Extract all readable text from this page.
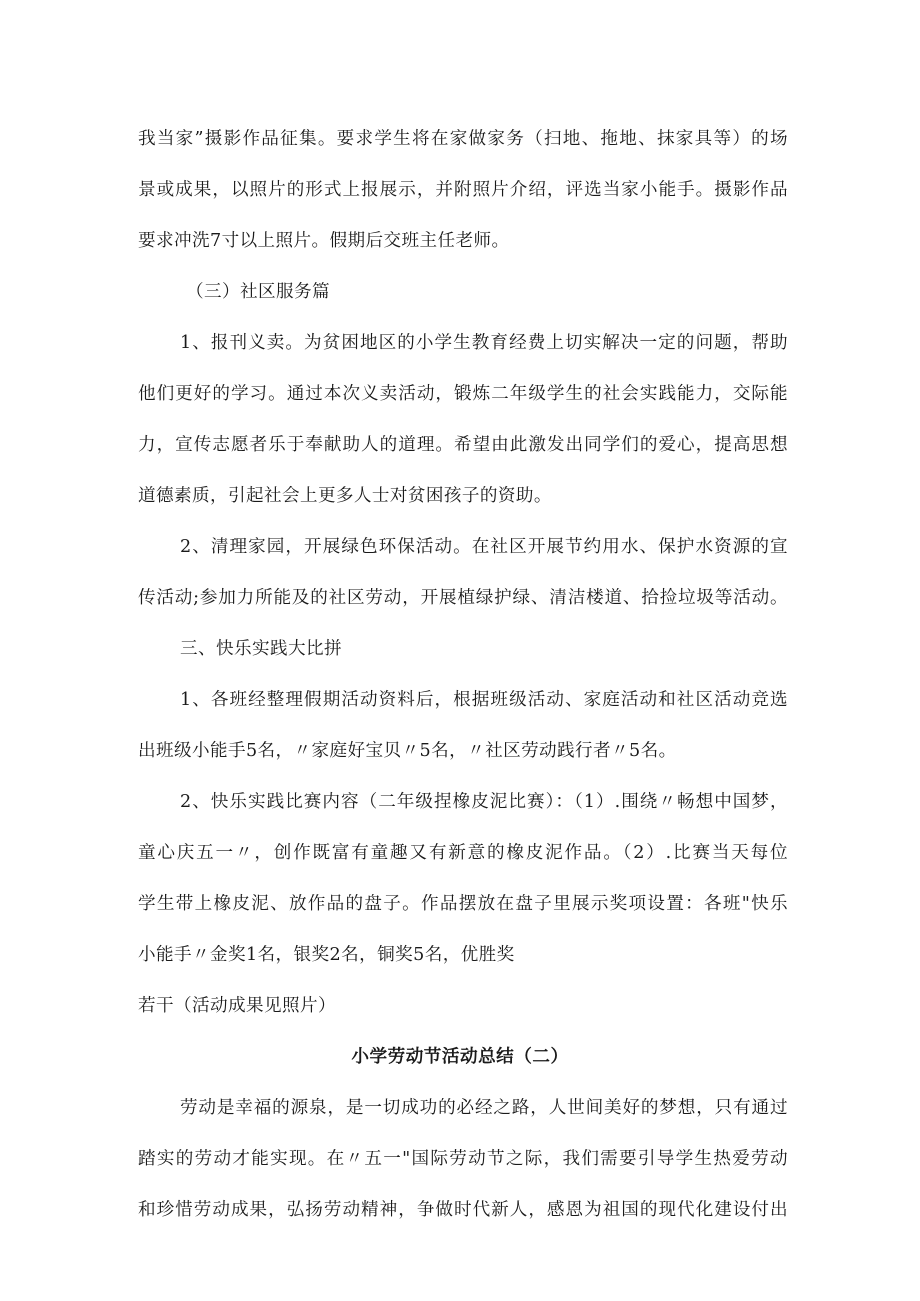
我当家”摄影作品征集。要求学生将在家做家务（扫地、拖地、抹家具等）的场
景或成果，以照片的形式上报展示，并附照片介绍，评选当家小能手。摄影作品
要求冲洗7寸以上照片。假期后交班主任老师。
（三）社区服务篇
1、报刊义卖。为贫困地区的小学生教育经费上切实解决一定的问题，帮助
他们更好的学习。通过本次义卖活动，锻炼二年级学生的社会实践能力，交际能
力，宣传志愿者乐于奉献助人的道理。希望由此激发出同学们的爱心，提高思想
道德素质，引起社会上更多人士对贫困孩子的资助。
2、清理家园，开展绿色环保活动。在社区开展节约用水、保护水资源的宣
传活动;参加力所能及的社区劳动，开展植绿护绿、清洁楼道、拾捡垃圾等活动。
三、快乐实践大比拼
1、各班经整理假期活动资料后，根据班级活动、家庭活动和社区活动竞选
出班级小能手5名，〃家庭好宝贝〃5名，〃社区劳动践行者〃5名。
2、快乐实践比赛内容（二年级捏橡皮泥比赛）：（1）.围绕〃畅想中国梦，
童心庆五一〃，创作既富有童趣又有新意的橡皮泥作品。（2）.比赛当天每位
学生带上橡皮泥、放作品的盘子。作品摆放在盘子里展示奖项设置：各班"快乐
小能手〃金奖1名，银奖2名，铜奖5名，优胜奖
若干（活动成果见照片）
小学劳动节活动总结（二）
劳动是幸福的源泉，是一切成功的必经之路，人世间美好的梦想，只有通过
踏实的劳动才能实现。在〃五一"国际劳动节之际，我们需要引导学生热爱劳动
和珍惜劳动成果，弘扬劳动精神，争做时代新人，感恩为祖国的现代化建设付出
